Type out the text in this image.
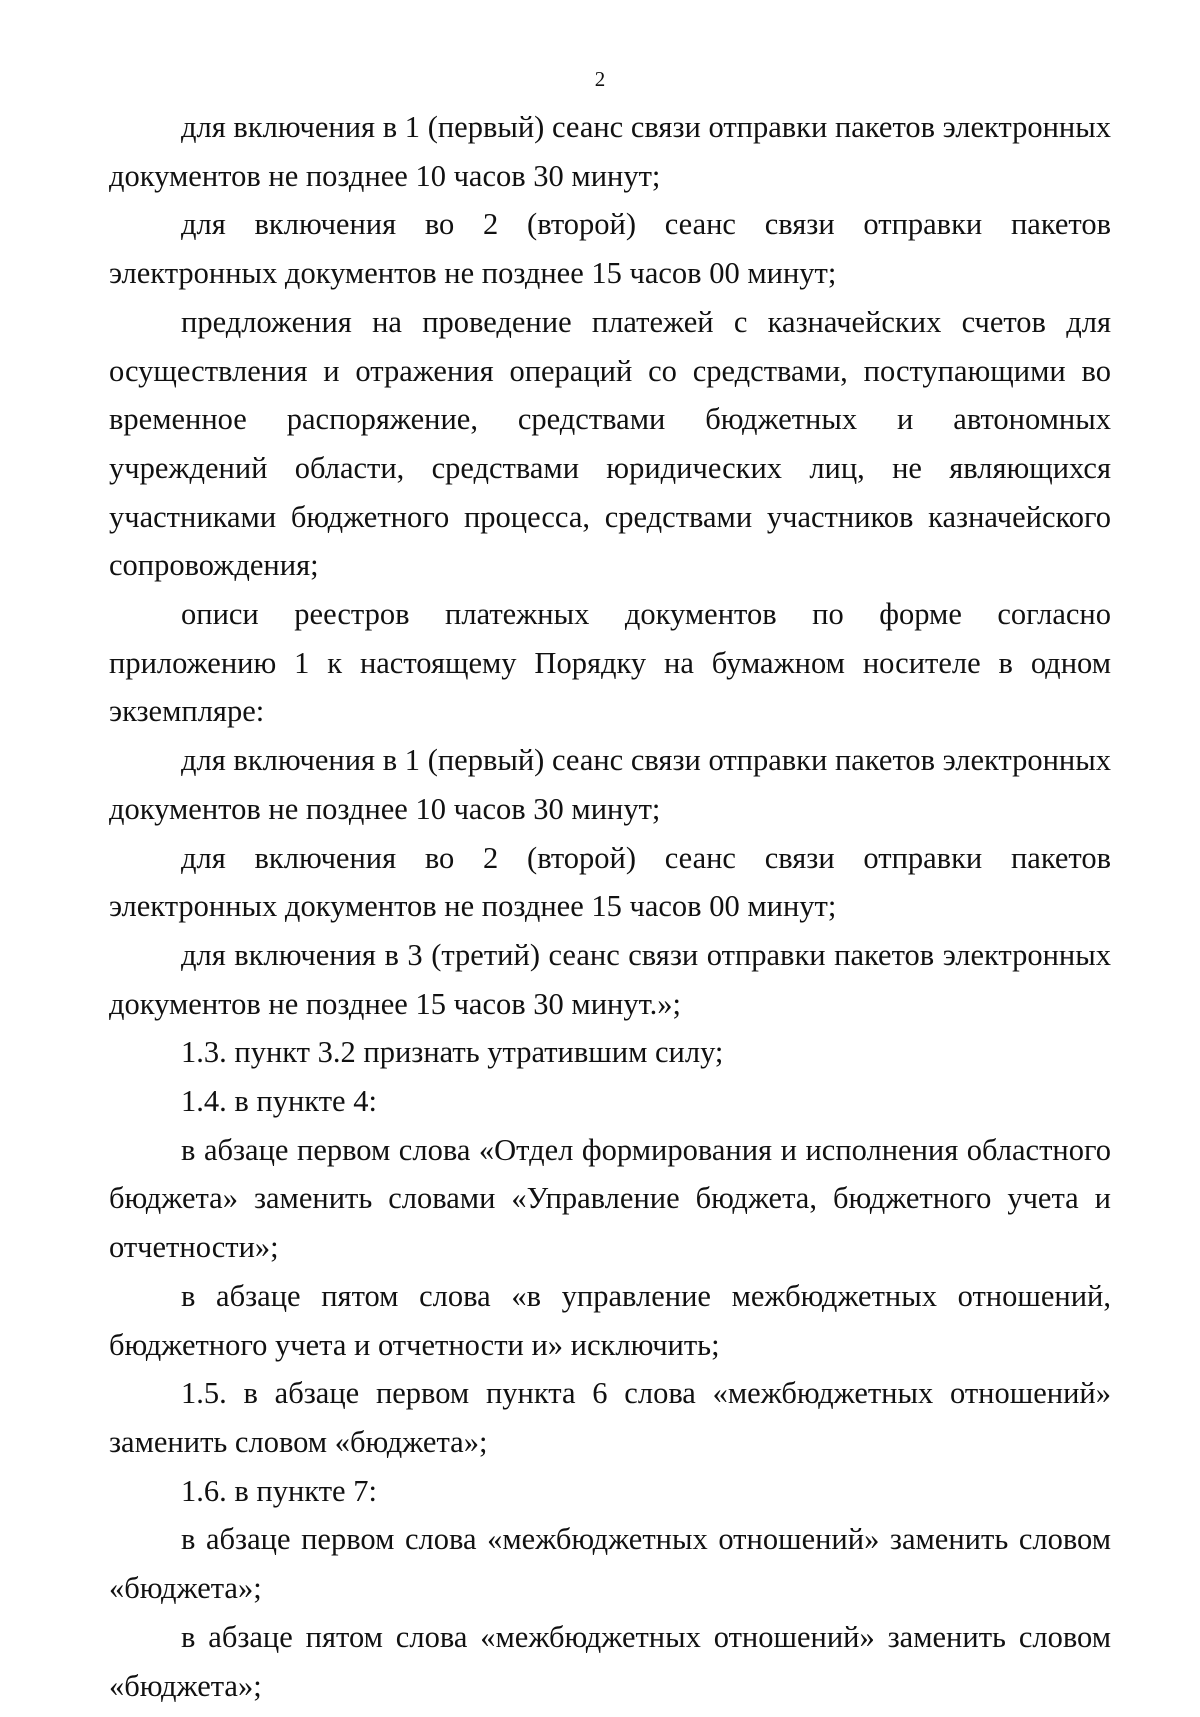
2

для включения в 1 (первый) сеанс связи отправки пакетов электронных документов не позднее 10 часов 30 минут;

для включения во 2 (второй) сеанс связи отправки пакетов электронных документов не позднее 15 часов 00 минут;

предложения на проведение платежей с казначейских счетов для осуществления и отражения операций со средствами, поступающими во временное распоряжение, средствами бюджетных и автономных учреждений области, средствами юридических лиц, не являющихся участниками бюджетного процесса, средствами участников казначейского сопровождения;

описи реестров платежных документов по форме согласно приложению 1 к настоящему Порядку на бумажном носителе в одном экземпляре:

для включения в 1 (первый) сеанс связи отправки пакетов электронных документов не позднее 10 часов 30 минут;

для включения во 2 (второй) сеанс связи отправки пакетов электронных документов не позднее 15 часов 00 минут;

для включения в 3 (третий) сеанс связи отправки пакетов электронных документов не позднее 15 часов 30 минут.»;

1.3. пункт 3.2 признать утратившим силу;

1.4. в пункте 4:

в абзаце первом слова «Отдел формирования и исполнения областного бюджета» заменить словами «Управление бюджета, бюджетного учета и отчетности»;

в абзаце пятом слова «в управление межбюджетных отношений, бюджетного учета и отчетности и» исключить;

1.5. в абзаце первом пункта 6 слова «межбюджетных отношений» заменить словом «бюджета»;

1.6. в пункте 7:

в абзаце первом слова «межбюджетных отношений» заменить словом «бюджета»;

в абзаце пятом слова «межбюджетных отношений» заменить словом «бюджета»;
